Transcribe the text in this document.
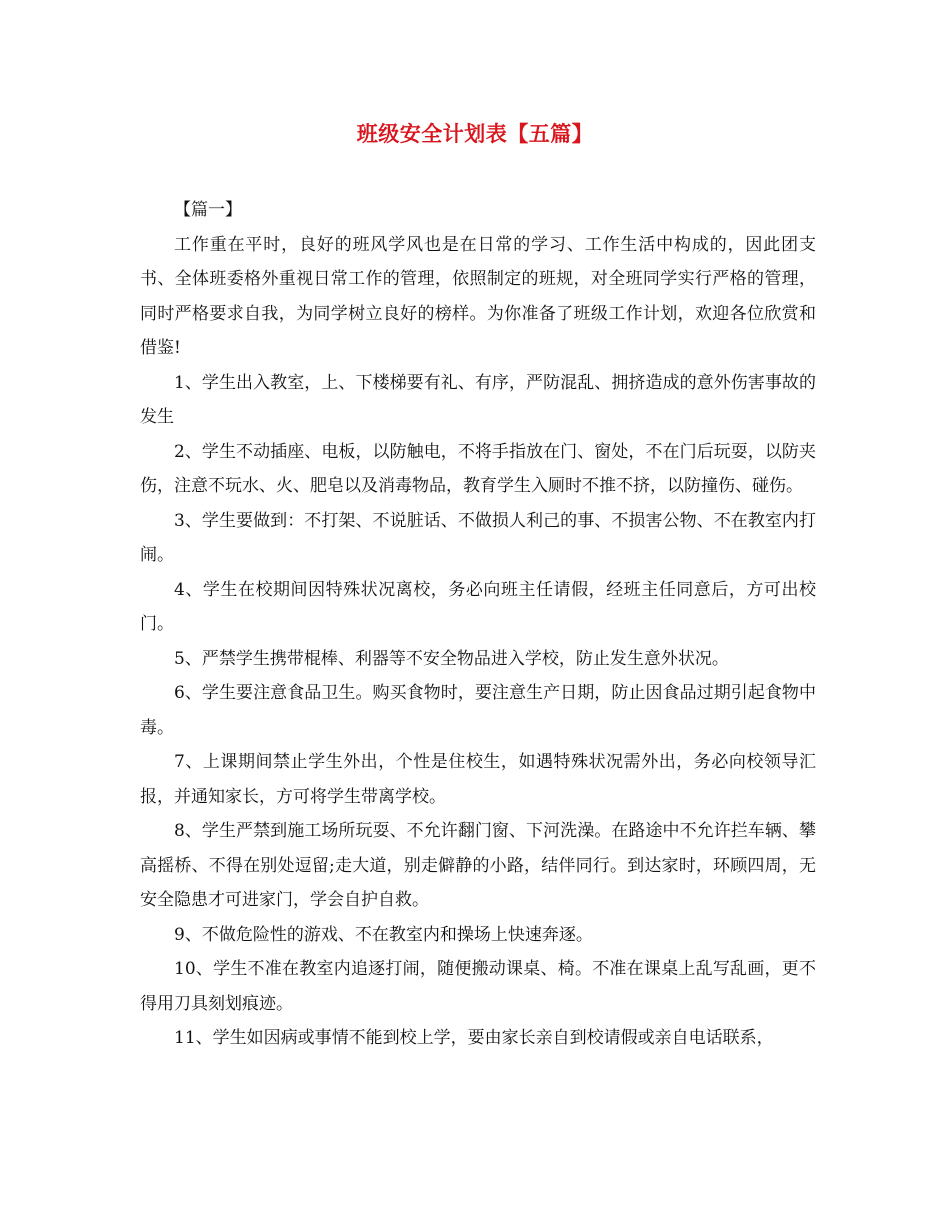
班级安全计划表【五篇】
【篇一】
工作重在平时，良好的班风学风也是在日常的学习、工作生活中构成的，因此团支书、全体班委格外重视日常工作的管理，依照制定的班规，对全班同学实行严格的管理，同时严格要求自我，为同学树立良好的榜样。为你准备了班级工作计划，欢迎各位欣赏和借鉴!
1、学生出入教室，上、下楼梯要有礼、有序，严防混乱、拥挤造成的意外伤害事故的发生
2、学生不动插座、电板，以防触电，不将手指放在门、窗处，不在门后玩耍，以防夹伤，注意不玩水、火、肥皂以及消毒物品，教育学生入厕时不推不挤，以防撞伤、碰伤。
3、学生要做到：不打架、不说脏话、不做损人利己的事、不损害公物、不在教室内打闹。
4、学生在校期间因特殊状况离校，务必向班主任请假，经班主任同意后，方可出校门。
5、严禁学生携带棍棒、利器等不安全物品进入学校，防止发生意外状况。
6、学生要注意食品卫生。购买食物时，要注意生产日期，防止因食品过期引起食物中毒。
7、上课期间禁止学生外出，个性是住校生，如遇特殊状况需外出，务必向校领导汇报，并通知家长，方可将学生带离学校。
8、学生严禁到施工场所玩耍、不允许翻门窗、下河洗澡。在路途中不允许拦车辆、攀高摇桥、不得在别处逗留;走大道，别走僻静的小路，结伴同行。到达家时，环顾四周，无安全隐患才可进家门，学会自护自救。
9、不做危险性的游戏、不在教室内和操场上快速奔逐。
10、学生不准在教室内追逐打闹，随便搬动课桌、椅。不准在课桌上乱写乱画，更不得用刀具刻划痕迹。
11、学生如因病或事情不能到校上学，要由家长亲自到校请假或亲自电话联系，
